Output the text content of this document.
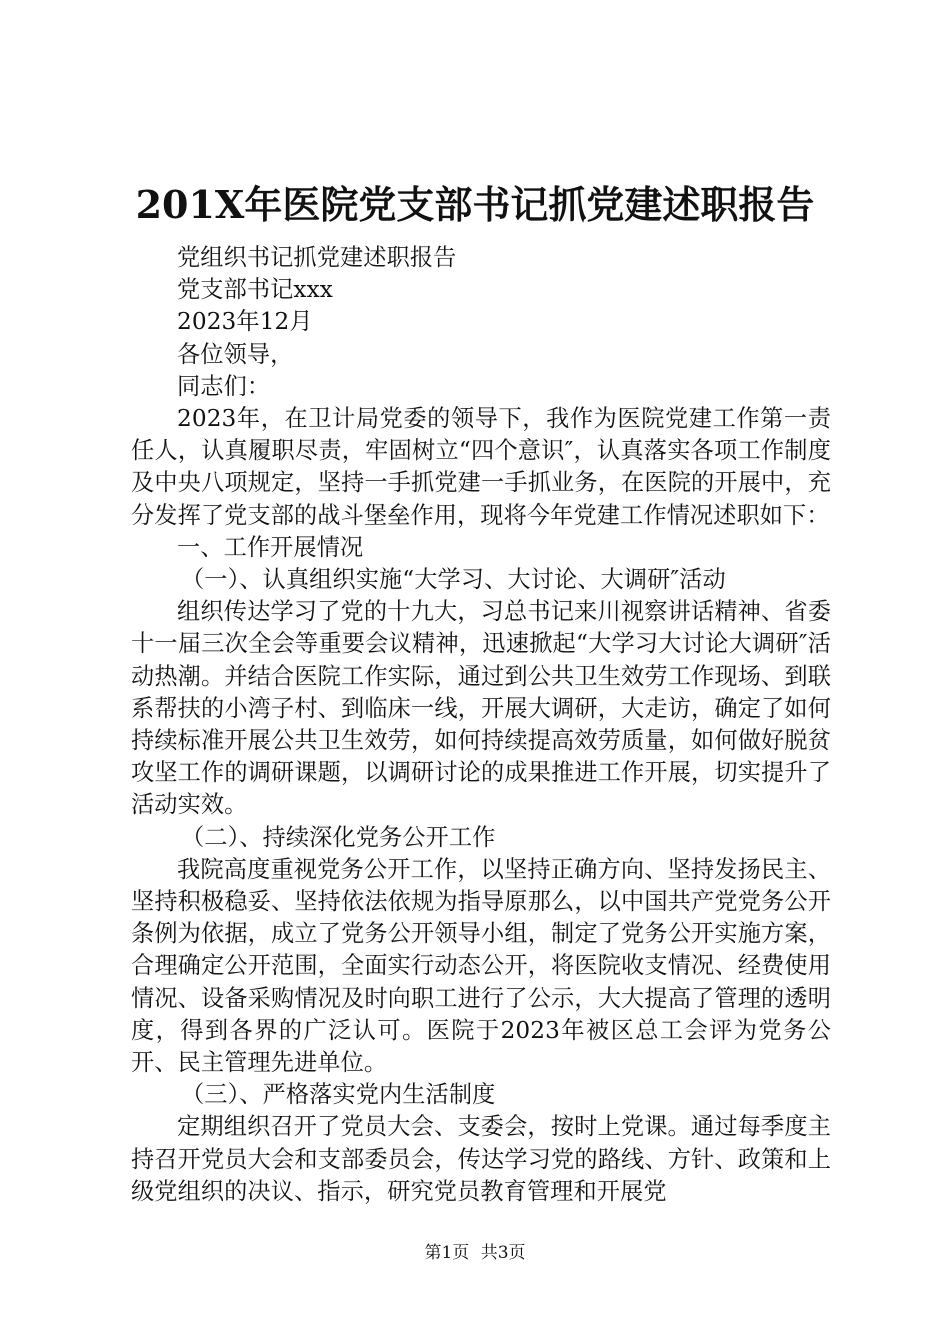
201X年医院党支部书记抓党建述职报告

党组织书记抓党建述职报告

党支部书记xxx

2023年12月

各位领导，

同志们：

2023年，在卫计局党委的领导下，我作为医院党建工作第一责任人，认真履职尽责，牢固树立“四个意识″，认真落实各项工作制度及中央八项规定，坚持一手抓党建一手抓业务，在医院的开展中，充分发挥了党支部的战斗堡垒作用，现将今年党建工作情况述职如下：

一、工作开展情况

（一）、认真组织实施“大学习、大讨论、大调研″活动

组织传达学习了党的十九大，习总书记来川视察讲话精神、省委十一届三次全会等重要会议精神，迅速掀起“大学习大讨论大调研″活动热潮。并结合医院工作实际，通过到公共卫生效劳工作现场、到联系帮扶的小湾子村、到临床一线，开展大调研，大走访，确定了如何持续标准开展公共卫生效劳，如何持续提高效劳质量，如何做好脱贫攻坚工作的调研课题，以调研讨论的成果推进工作开展，切实提升了活动实效。

（二）、持续深化党务公开工作

我院高度重视党务公开工作，以坚持正确方向、坚持发扬民主、坚持积极稳妥、坚持依法依规为指导原那么，以中国共产党党务公开条例为依据，成立了党务公开领导小组，制定了党务公开实施方案，合理确定公开范围，全面实行动态公开，将医院收支情况、经费使用情况、设备采购情况及时向职工进行了公示，大大提高了管理的透明度，得到各界的广泛认可。医院于2023年被区总工会评为党务公开、民主管理先进单位。

（三）、严格落实党内生活制度

定期组织召开了党员大会、支委会，按时上党课。通过每季度主持召开党员大会和支部委员会，传达学习党的路线、方针、政策和上级党组织的决议、指示，研究党员教育管理和开展党

第1页 共3页
